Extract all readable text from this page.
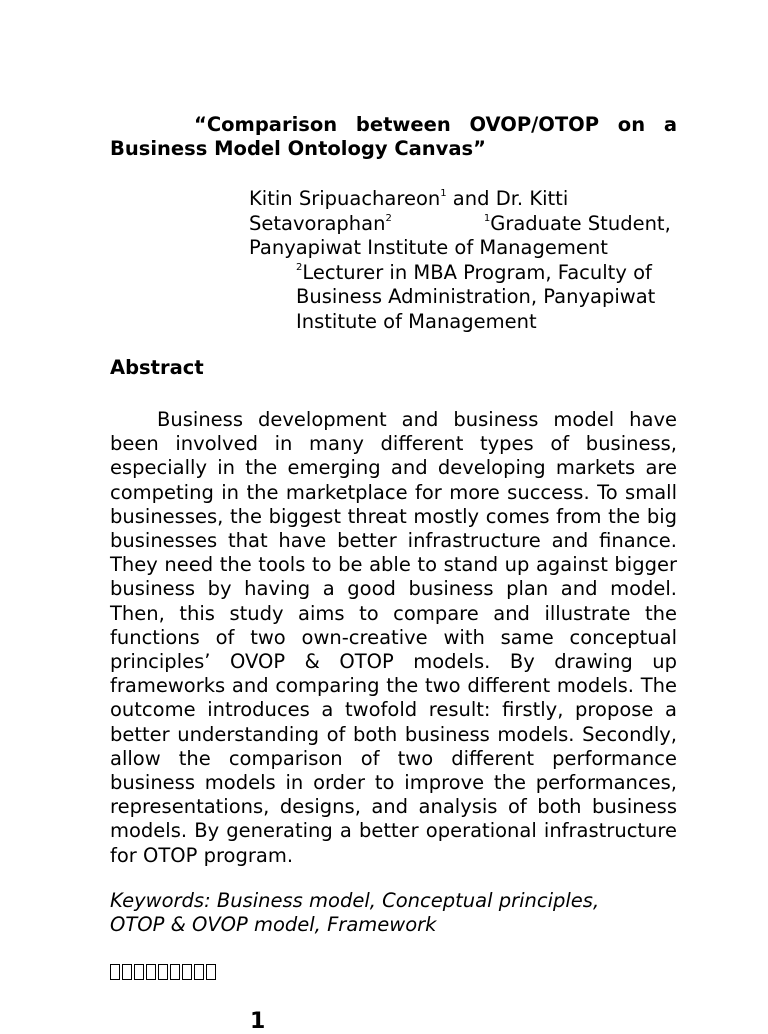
“Comparison between OVOP/OTOP on a Business Model Ontology Canvas”
Kitin Sripuachareon$^1$ and Dr. Kitti
Setavoraphan$^2$	$^1$Graduate Student,
Panyapiwat Institute of Management
$^2$Lecturer in MBA Program, Faculty of
Business Administration, Panyapiwat
Institute of Management
Abstract

Business development and business model have been involved in many different types of business, especially in the emerging and developing markets are competing in the marketplace for more success. To small businesses, the biggest threat mostly comes from the big businesses that have better infrastructure and finance. They need the tools to be able to stand up against bigger business by having a good business plan and model. Then, this study aims to compare and illustrate the functions of two own-creative with same conceptual principles’ OVOP & OTOP models. By drawing up frameworks and comparing the two different models. The outcome introduces a twofold result: firstly, propose a better understanding of both business models. Secondly, allow the comparison of two different performance business models in order to improve the performances, representations, designs, and analysis of both business models. By generating a better operational infrastructure for OTOP program.

Keywords: Business model, Conceptual principles,
OTOP & OVOP model, Framework

1
